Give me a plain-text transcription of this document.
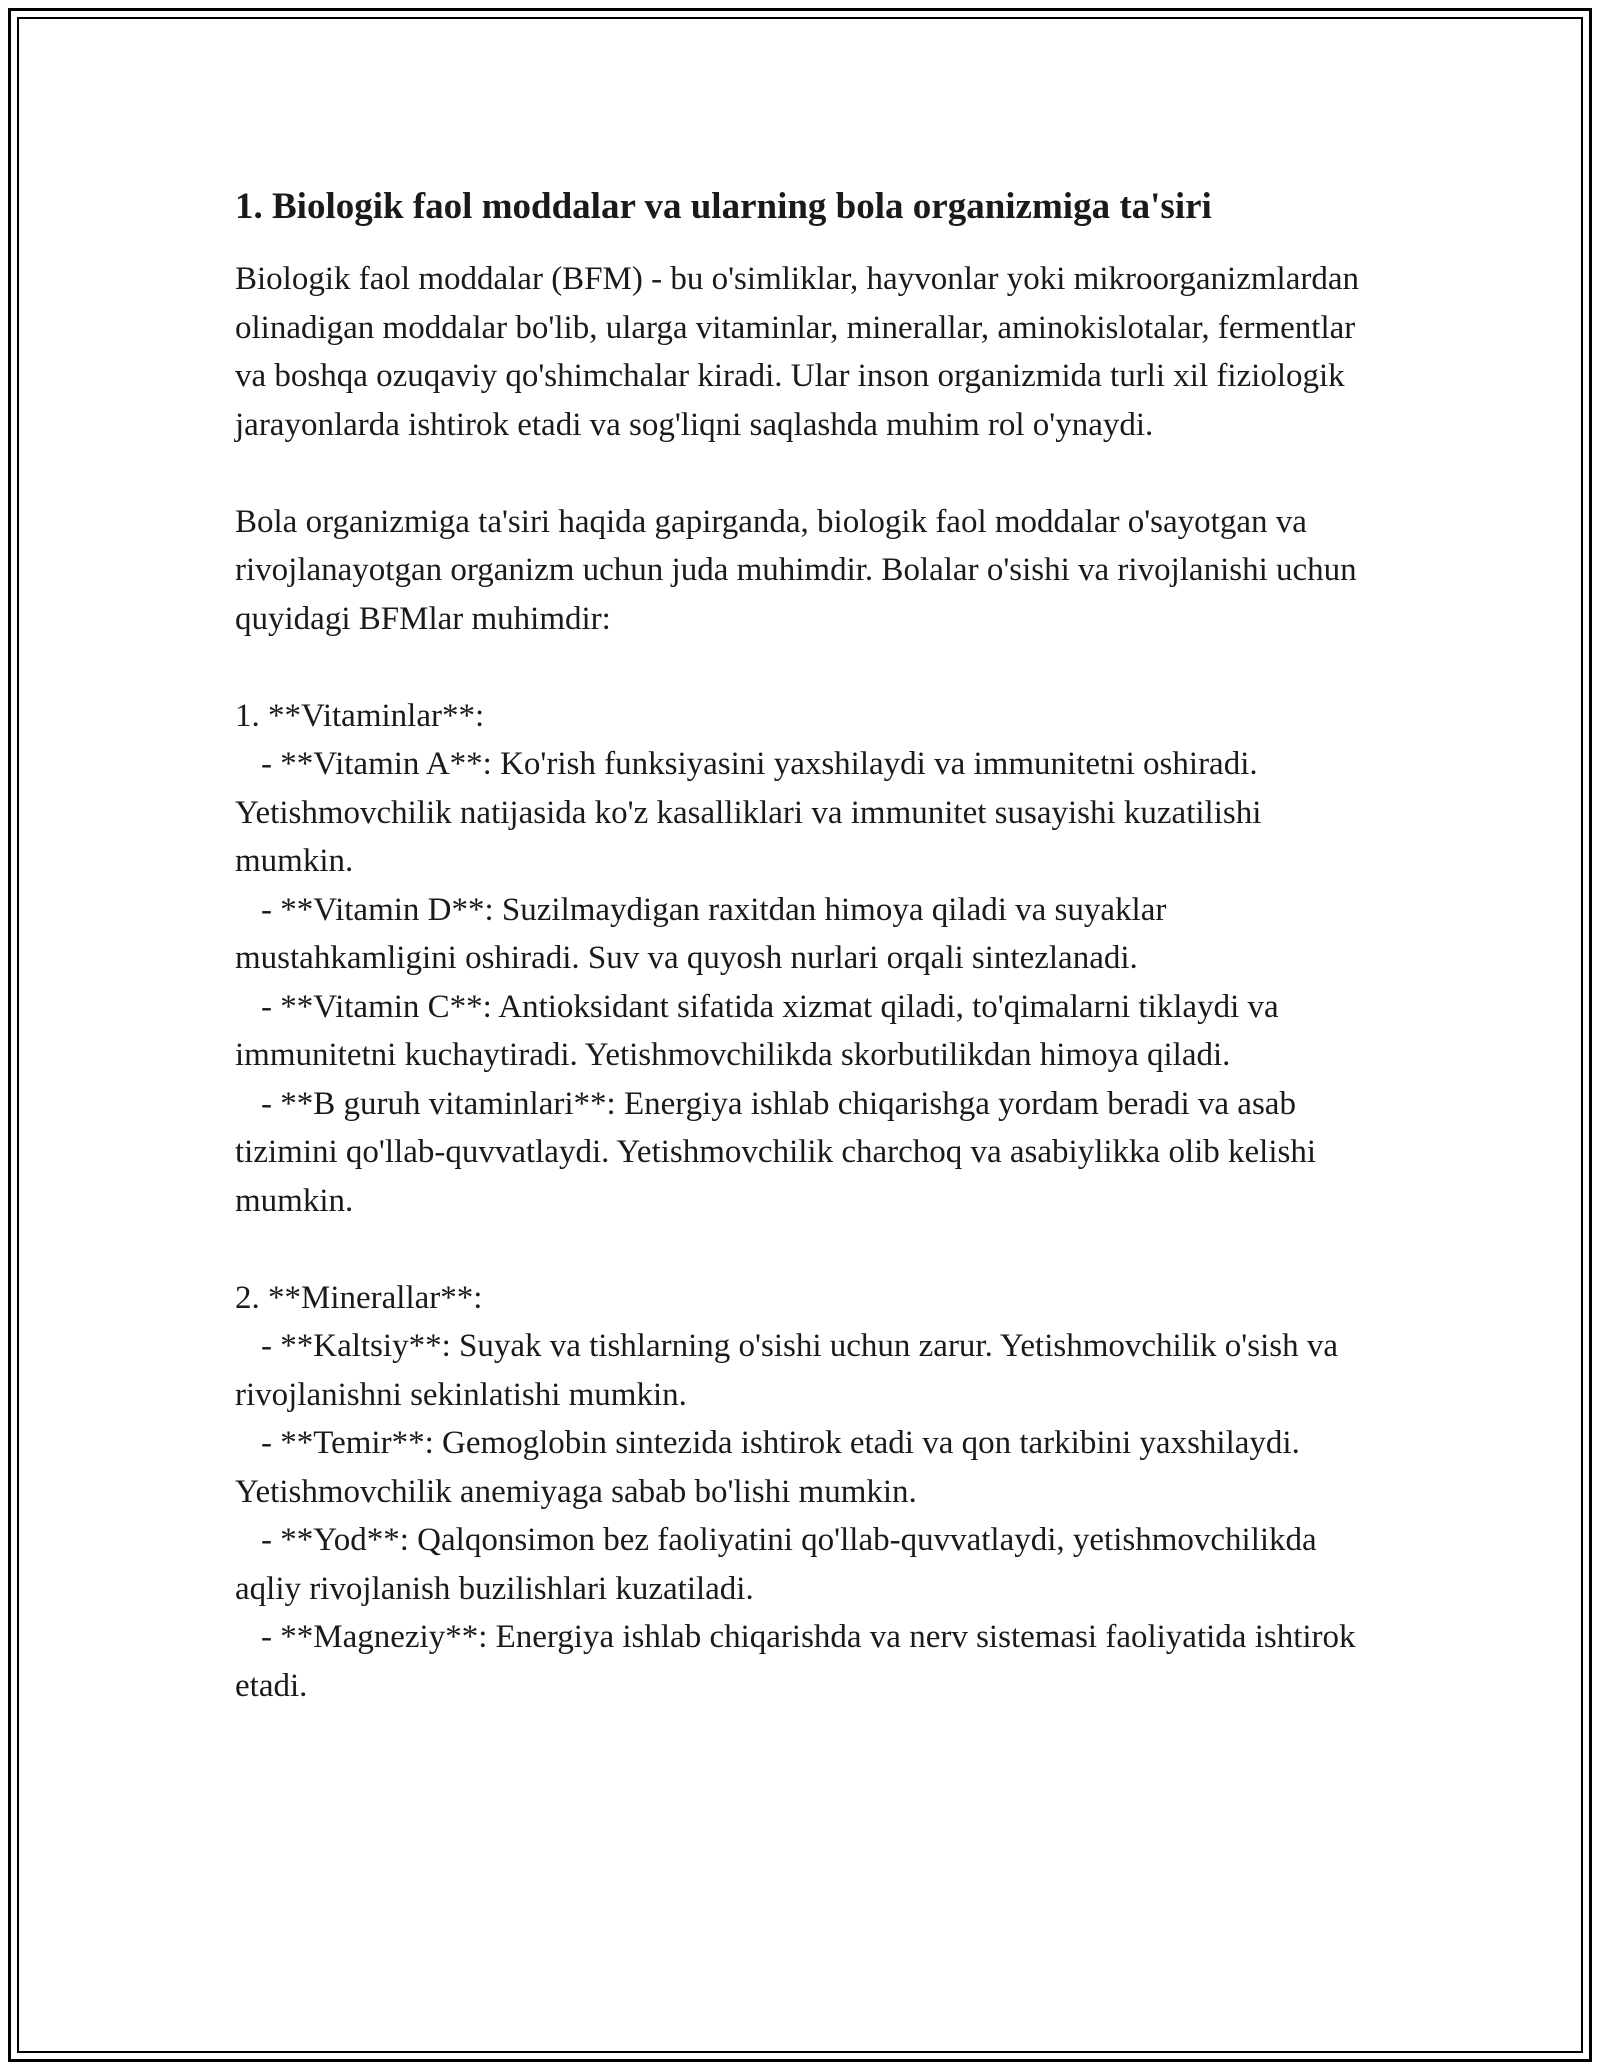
1. Biologik faol moddalar va ularning bola organizmiga ta'siri

Biologik faol moddalar (BFM) - bu o'simliklar, hayvonlar yoki mikroorganizmlardan olinadigan moddalar bo'lib, ularga vitaminlar, minerallar, aminokislotalar, fermentlar va boshqa ozuqaviy qo'shimchalar kiradi. Ular inson organizmida turli xil fiziologik jarayonlarda ishtirok etadi va sog'liqni saqlashda muhim rol o'ynaydi.

Bola organizmiga ta'siri haqida gapirganda, biologik faol moddalar o'sayotgan va rivojlanayotgan organizm uchun juda muhimdir. Bolalar o'sishi va rivojlanishi uchun quyidagi BFMlar muhimdir:

1. **Vitaminlar**:

- **Vitamin A**: Ko'rish funksiyasini yaxshilaydi va immunitetni oshiradi. Yetishmovchilik natijasida ko'z kasalliklari va immunitet susayishi kuzatilishi mumkin.

- **Vitamin D**: Suzilmaydigan raxitdan himoya qiladi va suyaklar mustahkamligini oshiradi. Suv va quyosh nurlari orqali sintezlanadi.

- **Vitamin C**: Antioksidant sifatida xizmat qiladi, to'qimalarni tiklaydi va immunitetni kuchaytiradi. Yetishmovchilikda skorbutilikdan himoya qiladi.

- **B guruh vitaminlari**: Energiya ishlab chiqarishga yordam beradi va asab tizimini qo'llab-quvvatlaydi. Yetishmovchilik charchoq va asabiylikka olib kelishi mumkin.

2. **Minerallar**:

- **Kaltsiy**: Suyak va tishlarning o'sishi uchun zarur. Yetishmovchilik o'sish va rivojlanishni sekinlatishi mumkin.

- **Temir**: Gemoglobin sintezida ishtirok etadi va qon tarkibini yaxshilaydi. Yetishmovchilik anemiyaga sabab bo'lishi mumkin.

- **Yod**: Qalqonsimon bez faoliyatini qo'llab-quvvatlaydi, yetishmovchilikda aqliy rivojlanish buzilishlari kuzatiladi.

- **Magneziy**: Energiya ishlab chiqarishda va nerv sistemasi faoliyatida ishtirok etadi.
